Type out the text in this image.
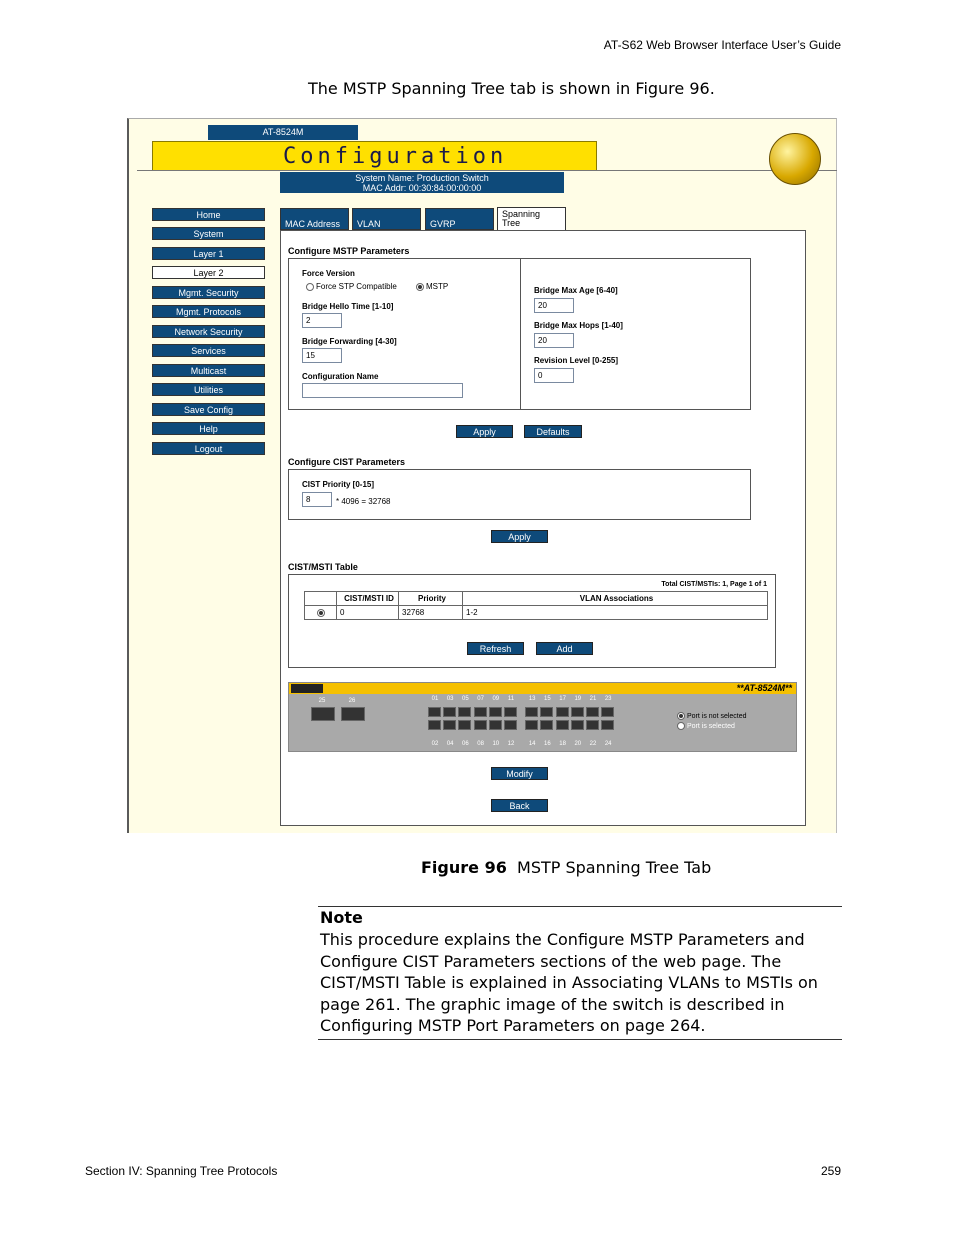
AT-S62 Web Browser Interface User’s Guide
The MSTP Spanning Tree tab is shown in Figure 96.
AT-8524M
Configuration
System Name: Production Switch
MAC Addr: 00:30:84:00:00:00
Home
System
Layer 1
Layer 2
Mgmt. Security
Mgmt. Protocols
Network Security
Services
Multicast
Utilities
Save Config
Help
Logout
MAC Address	VLAN	GVRP
Spanning
Tree
Configure MSTP Parameters
Force Version
Force STP Compatible	MSTP
Bridge Hello Time [1-10]
2
Bridge Forwarding [4-30]
15
Configuration Name
Bridge Max Age [6-40]
20
Bridge Max Hops [1-40]
20
Revision Level [0-255]
0
Apply	Defaults
Configure CIST Parameters
CIST Priority [0-15]
8	* 4096 = 32768
Apply
CIST/MSTI Table
Total CIST/MSTIs: 1, Page 1 of 1
	CIST/MSTI ID	Priority	VLAN Associations
	0	32768	1-2
Refresh	Add
Modify
Back
**AT-8524M**
25	26	01
02
03
04
05
06
07
08
09
10
11
12
13
14
15
16
17
18
19
20
21
22
23
24
Port is not selected
Port is selected
Figure 96 MSTP Spanning Tree Tab
Note
This procedure explains the Configure MSTP Parameters and Configure CIST Parameters sections of the web page. The CIST/MSTI Table is explained in Associating VLANs to MSTIs on page 261. The graphic image of the switch is described in Configuring MSTP Port Parameters on page 264.
Section IV: Spanning Tree Protocols	259
